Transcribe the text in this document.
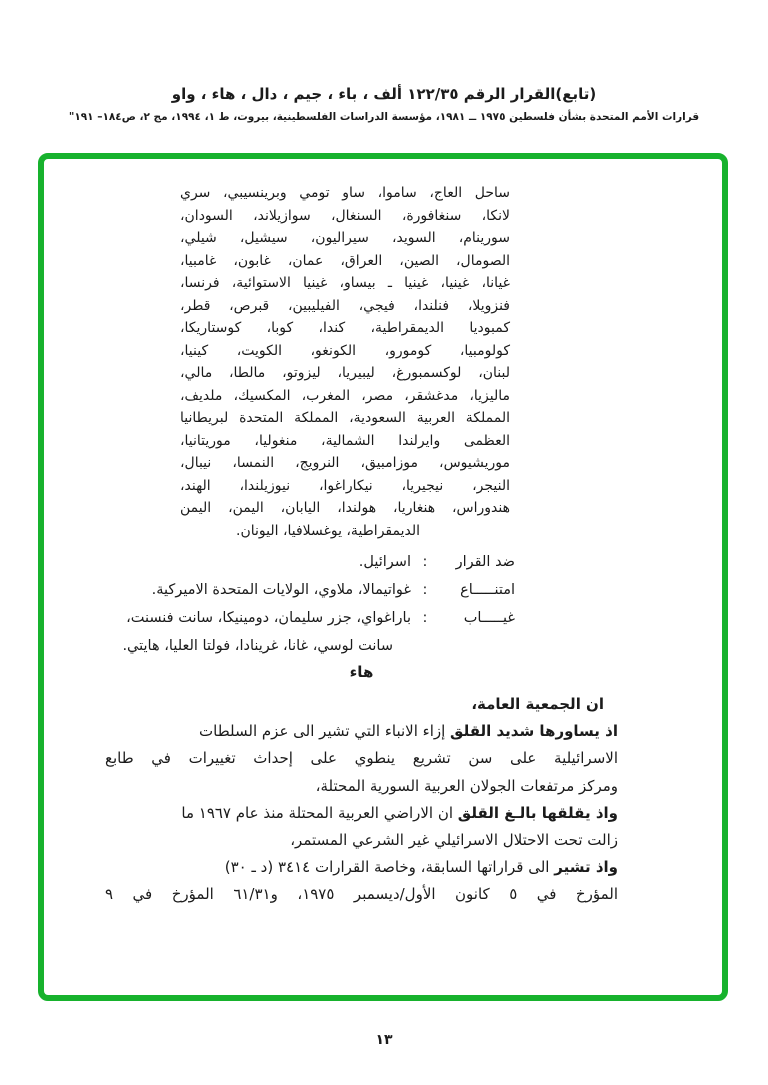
(تابع)القرار الرقم ١٢٢/٣٥ ألف ، باء ، جيم ، دال ، هاء ، واو
قرارات الأمم المتحدة بشأن فلسطين ١٩٧٥ ــ ١٩٨١، مؤسسة الدراسات الفلسطينية، بيروت، ط ١، ١٩٩٤، مج ٢، ص١٨٤– ١٩١"
ساحل العاج، ساموا، ساو تومي وبرينسيبي، سري
لانكا، سنغافورة، السنغال، سوازيلاند، السودان،
سورينام، السويد، سيراليون، سيشيل، شيلي،
الصومال، الصين، العراق، عمان، غابون، غامبيا،
غيانا، غينيا، غينيا ـ بيساو، غينيا الاستوائية، فرنسا،
فنزويلا، فنلندا، فيجي، الفيليبين، قبرص، قطر،
كمبوديا الديمقراطية، كندا، كوبا، كوستاريكا،
كولومبيا، كومورو، الكونغو، الكويت، كينيا،
لبنان، لوكسمبورغ، ليبيريا، ليزوتو، مالطا، مالي،
ماليزيا، مدغشقر، مصر، المغرب، المكسيك، ملديف،
المملكة العربية السعودية، المملكة المتحدة لبريطانيا
العظمى وايرلندا الشمالية، منغوليا، موريتانيا،
موريشيوس، موزامبيق، النرويج، النمسا، نيبال،
النيجر، نيجيريا، نيكاراغوا، نيوزيلندا، الهند،
هندوراس، هنغاريا، هولندا، اليابان، اليمن، اليمن
الديمقراطية، يوغسلافيا، اليونان.
ضد القرار
:
اسرائيل.
امتنـــــاع
:
غواتيمالا، ملاوي، الولايات المتحدة الاميركية.
غيـــــاب
:
باراغواي، جزر سليمان، دومينيكا، سانت فنسنت،
سانت لوسي، غانا، غرينادا، فولتا العليا، هايتي.
هاء
ان الجمعية العامة،
اذ يساورها شديد القلق إزاء الانباء التي تشير الى عزم السلطات
الاسرائيلية على سن تشريع ينطوي على إحداث تغييرات في طابع
ومركز مرتفعات الجولان العربية السورية المحتلة،
واذ يقلقها بالـغ القلق ان الاراضي العربية المحتلة منذ عام ١٩٦٧ ما
زالت تحت الاحتلال الاسرائيلي غير الشرعي المستمر،
واذ تشير الى قراراتها السابقة، وخاصة القرارات ٣٤١٤ (د ـ ٣٠)
المؤرخ في ٥ كانون الأول/ديسمبر ١٩٧٥، و٦١/٣١ المؤرخ في ٩
١٣
